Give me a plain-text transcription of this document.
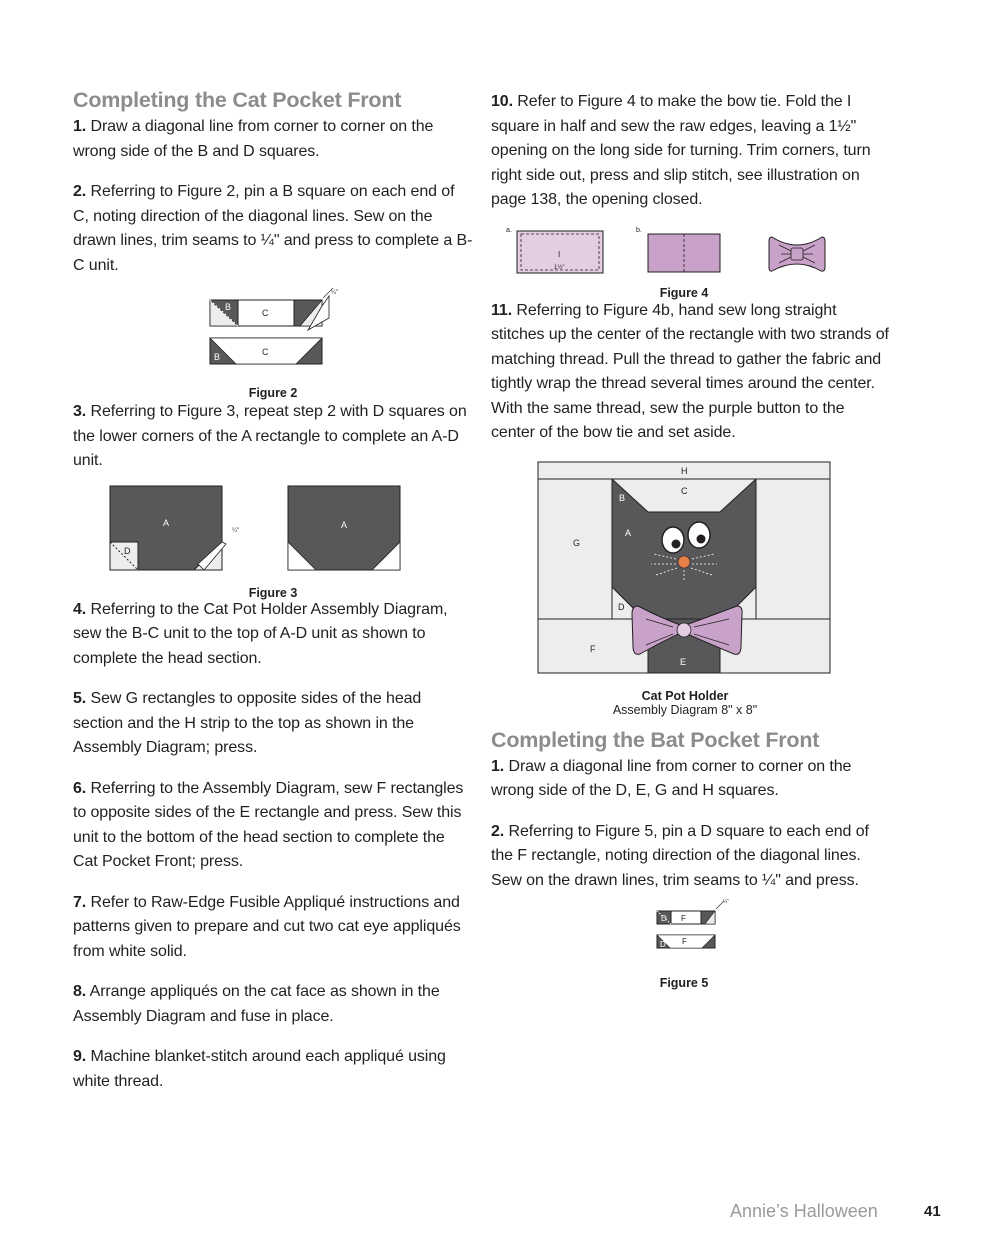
Completing the Cat Pocket Front

1. Draw a diagonal line from corner to corner on the wrong side of the B and D squares.

2. Referring to Figure 2, pin a B square on each end of C, noting direction of the diagonal lines. Sew on the drawn lines, trim seams to ¼" and press to complete a B-C unit.

B
C
¼"
B	C
Figure 2

3. Referring to Figure 3, repeat step 2 with D squares on the lower corners of the A rectangle to complete an A-D unit.

A
D
¼"
A
D
Figure 3

4. Referring to the Cat Pot Holder Assembly Diagram, sew the B-C unit to the top of A-D unit as shown to complete the head section.

5. Sew G rectangles to opposite sides of the head section and the H strip to the top as shown in the Assembly Diagram; press.

6. Referring to the Assembly Diagram, sew F rectangles to opposite sides of the E rectangle and press. Sew this unit to the bottom of the head section to complete the Cat Pocket Front; press.

7. Refer to Raw-Edge Fusible Appliqué instructions and patterns given to prepare and cut two cat eye appliqués from white solid.

8. Arrange appliqués on the cat face as shown in the Assembly Diagram and fuse in place.

9. Machine blanket-stitch around each appliqué using white thread.

10. Refer to Figure 4 to make the bow tie. Fold the I square in half and sew the raw edges, leaving a 1½" opening on the long side for turning. Trim corners, turn right side out, press and slip stitch, see illustration on page 138, the opening closed.

a.
I
1½"
b.
Figure 4

11. Referring to Figure 4b, hand sew long straight stitches up the center of the rectangle with two strands of matching thread. Pull the thread to gather the fabric and tightly wrap the thread several times around the center. With the same thread, sew the purple button to the center of the bow tie and set aside.

H
G
B
C
A
D
F
E
Cat Pot Holder
Assembly Diagram 8" x 8"
Completing the Bat Pocket Front

1. Draw a diagonal line from corner to corner on the wrong side of the D, E, G and H squares.

2. Referring to Figure 5, pin a D square to each end of the F rectangle, noting direction of the diagonal lines. Sew on the drawn lines, trim seams to ¼" and press.

D F
¼"
D F
Figure 5
Annie’s Halloween	41
